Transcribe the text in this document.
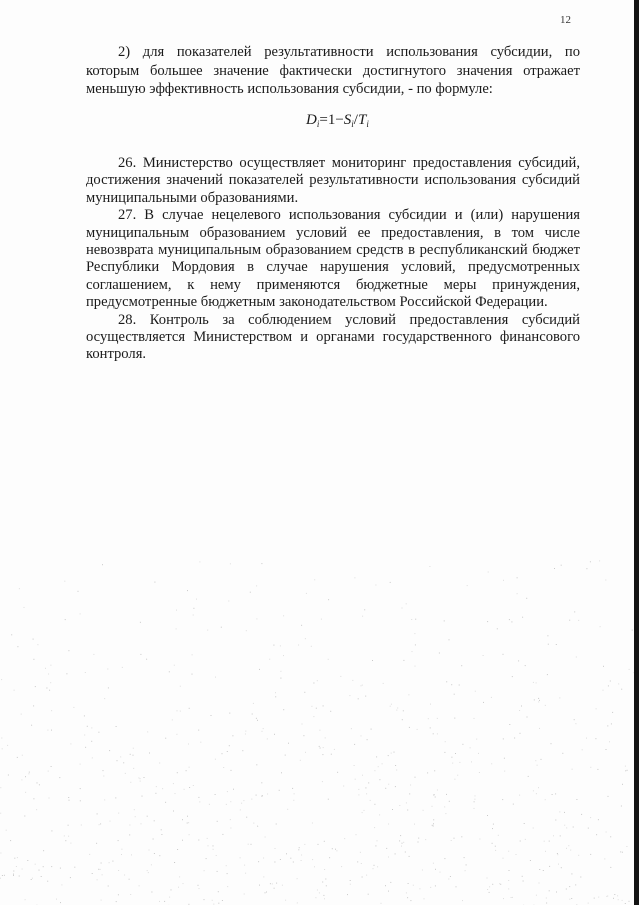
12

2) для показателей результативности использования субсидии, по которым большее значение фактически достигнутого значения отражает меньшую эффективность использования субсидии, - по формуле:

$D_i=1-S_i/T_i$

26. Министерство осуществляет мониторинг предоставления субсидий, достижения значений показателей результативности использования субсидий муниципальными образованиями.

27. В случае нецелевого использования субсидии и (или) нарушения муниципальным образованием условий ее предоставления, в том числе невозврата муниципальным образованием средств в республиканский бюджет Республики Мордовия в случае нарушения условий, предусмотренных соглашением, к нему применяются бюджетные меры принуждения, предусмотренные бюджетным законодательством Российской Федерации.

28. Контроль за соблюдением условий предоставления субсидий осуществляется Министерством и органами государственного финансового контроля.
